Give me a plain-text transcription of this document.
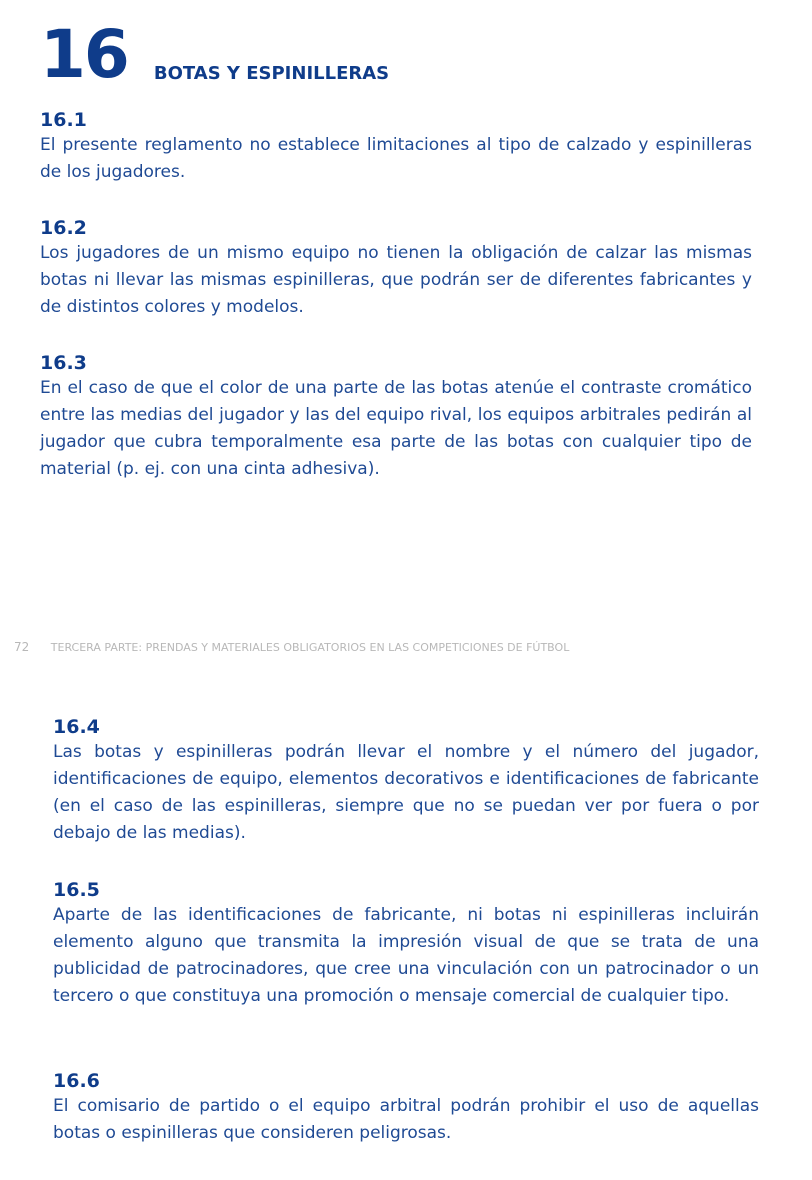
16 BOTAS Y ESPINILLERAS
16.1

El presente reglamento no establece limitaciones al tipo de calzado y espinilleras de los jugadores.

16.2

Los jugadores de un mismo equipo no tienen la obligación de calzar las mismas botas ni llevar las mismas espinilleras, que podrán ser de diferentes fabricantes y de distintos colores y modelos.

16.3

En el caso de que el color de una parte de las botas atenúe el contraste cromático entre las medias del jugador y las del equipo rival, los equipos arbitrales pedirán al jugador que cubra temporalmente esa parte de las botas con cualquier tipo de material (p. ej. con una cinta adhesiva).

72 TERCERA PARTE: PRENDAS Y MATERIALES OBLIGATORIOS EN LAS COMPETICIONES DE FÚTBOL
16.4

Las botas y espinilleras podrán llevar el nombre y el número del jugador, identificaciones de equipo, elementos decorativos e identificaciones de fabricante (en el caso de las espinilleras, siempre que no se puedan ver por fuera o por debajo de las medias).

16.5

Aparte de las identificaciones de fabricante, ni botas ni espinilleras incluirán elemento alguno que transmita la impresión visual de que se trata de una publicidad de patrocinadores, que cree una vinculación con un patrocinador o un tercero o que constituya una promoción o mensaje comercial de cualquier tipo.

16.6

El comisario de partido o el equipo arbitral podrán prohibir el uso de aquellas botas o espinilleras que consideren peligrosas.
